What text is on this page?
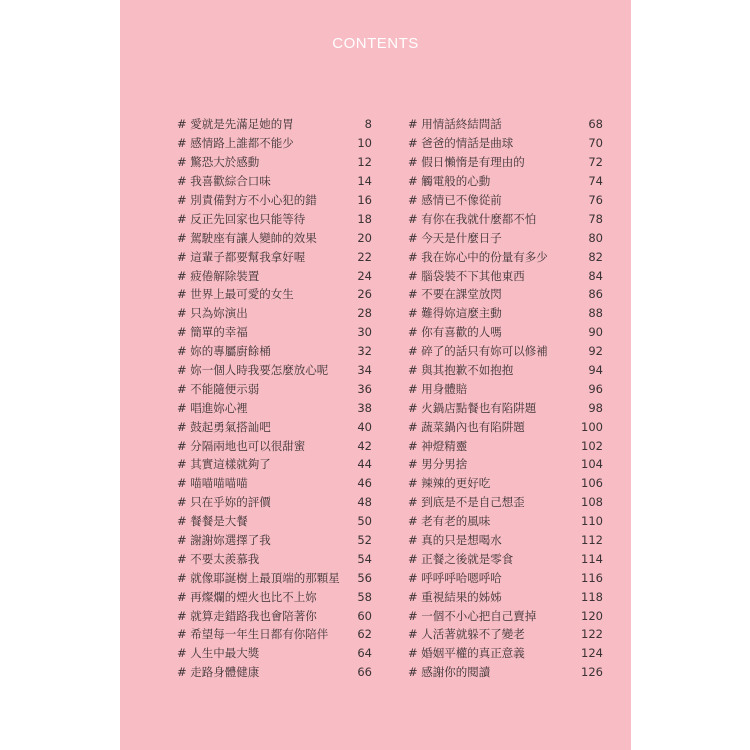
CONTENTS
# 愛就是先滿足她的胃	8
# 感情路上誰都不能少	10
# 驚恐大於感動	12
# 我喜歡綜合口味	14
# 別責備對方不小心犯的錯	16
# 反正先回家也只能等待	18
# 駕駛座有讓人變帥的效果	20
# 這輩子都要幫我拿好喔	22
# 疲倦解除裝置	24
# 世界上最可愛的女生	26
# 只為妳演出	28
# 簡單的幸福	30
# 妳的專屬廚餘桶	32
# 妳一個人時我要怎麼放心呢	34
# 不能隨便示弱	36
# 唱進妳心裡	38
# 鼓起勇氣搭訕吧	40
# 分隔兩地也可以很甜蜜	42
# 其實這樣就夠了	44
# 喵喵喵喵喵	46
# 只在乎妳的評價	48
# 餐餐是大餐	50
# 謝謝妳選擇了我	52
# 不要太羨慕我	54
# 就像耶誕樹上最頂端的那顆星 56
# 再燦爛的煙火也比不上妳	58
# 就算走錯路我也會陪著你	60
# 希望每一年生日都有你陪伴	62
# 人生中最大獎	64
# 走路身體健康	66
# 用情話終結問話	68
# 爸爸的情話是曲球	70
# 假日懶惰是有理由的	72
# 觸電般的心動	74
# 感情已不像從前	76
# 有你在我就什麼都不怕	78
# 今天是什麼日子	80
# 我在妳心中的份量有多少	82
# 腦袋裝不下其他東西	84
# 不要在課堂放閃	86
# 難得妳這麼主動	88
# 你有喜歡的人嗎	90
# 碎了的話只有妳可以修補	92
# 與其抱歉不如抱抱	94
# 用身體賠	96
# 火鍋店點餐也有陷阱題	98
# 蔬菜鍋內也有陷阱題	100
# 神燈精靈	102
# 男分男捨	104
# 辣辣的更好吃	106
# 到底是不是自己想歪	108
# 老有老的風味	110
# 真的只是想喝水	112
# 正餐之後就是零食	114
# 呼呼呼哈嗯呼哈	116
# 重視結果的姊姊	118
# 一個不小心把自己賣掉	120
# 人活著就躲不了變老	122
# 婚姻平權的真正意義	124
# 感謝你的閱讀	126
